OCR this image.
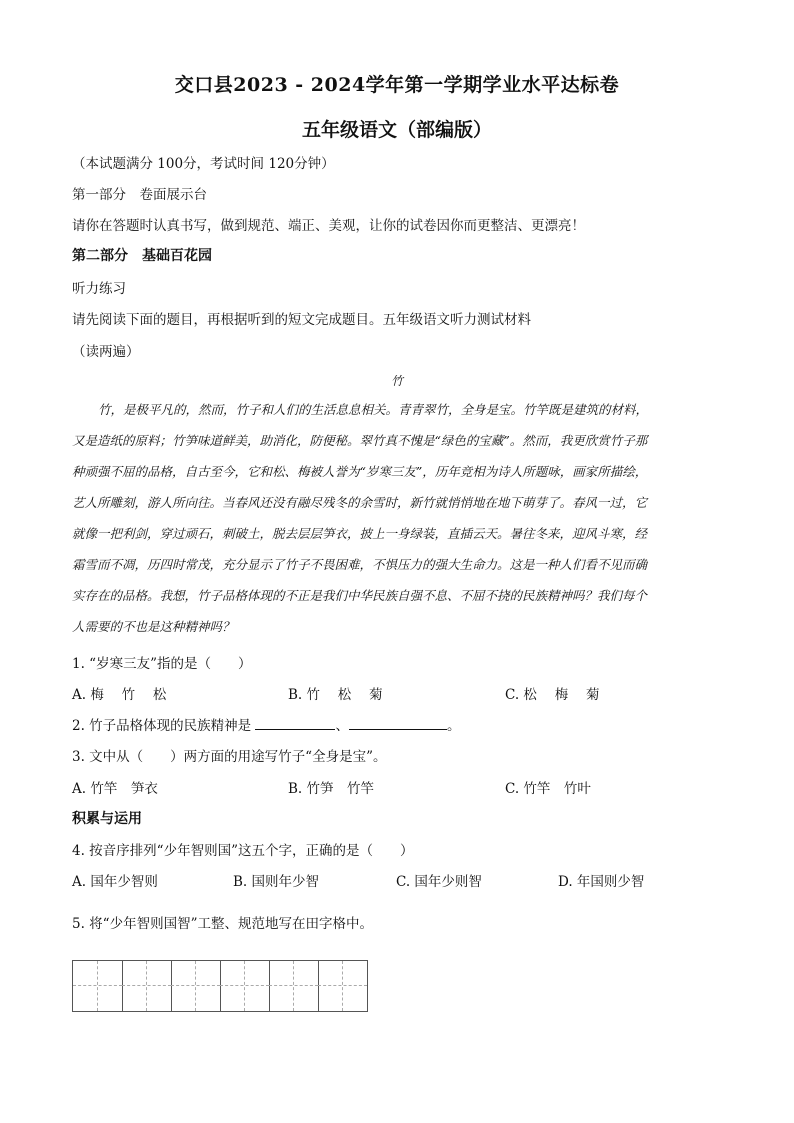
交口县2023 - 2024学年第一学期学业水平达标卷
五年级语文（部编版）
（本试题满分 100分，考试时间 120分钟）
第一部分　卷面展示台
请你在答题时认真书写，做到规范、端正、美观，让你的试卷因你而更整洁、更漂亮！
第二部分　基础百花园
听力练习
请先阅读下面的题目，再根据听到的短文完成题目。五年级语文听力测试材料
（读两遍）
竹
竹，是极平凡的，然而，竹子和人们的生活息息相关。青青翠竹，全身是宝。竹竿既是建筑的材料，
又是造纸的原料；竹笋味道鲜美，助消化，防便秘。翠竹真不愧是“绿色的宝藏”。然而，我更欣赏竹子那
种顽强不屈的品格，自古至今，它和松、梅被人誉为“岁寒三友”，历年竞相为诗人所题咏，画家所描绘，
艺人所雕刻，游人所向往。当春风还没有融尽残冬的余雪时，新竹就悄悄地在地下萌芽了。春风一过，它
就像一把利剑，穿过顽石，刺破土，脱去层层笋衣，披上一身绿装，直插云天。暑往冬来，迎风斗寒，经
霜雪而不凋，历四时常茂，充分显示了竹子不畏困难，不惧压力的强大生命力。这是一种人们看不见而确
实存在的品格。我想，竹子品格体现的不正是我们中华民族自强不息、不屈不挠的民族精神吗？我们每个
人需要的不也是这种精神吗？
1. “岁寒三友”指的是（　　）
A. 梅　 竹　 松	B. 竹　 松　 菊	C. 松　 梅　 菊
2. 竹子品格体现的民族精神是	、	。
3. 文中从（　　）两方面的用途写竹子“全身是宝”。
A. 竹竿　笋衣	B. 竹笋　竹竿	C. 竹竿　竹叶
积累与运用
4. 按音序排列“少年智则国”这五个字，正确的是（　　）
A. 国年少智则	B. 国则年少智	C. 国年少则智	D. 年国则少智
5. 将“少年智则国智”工整、规范地写在田字格中。
